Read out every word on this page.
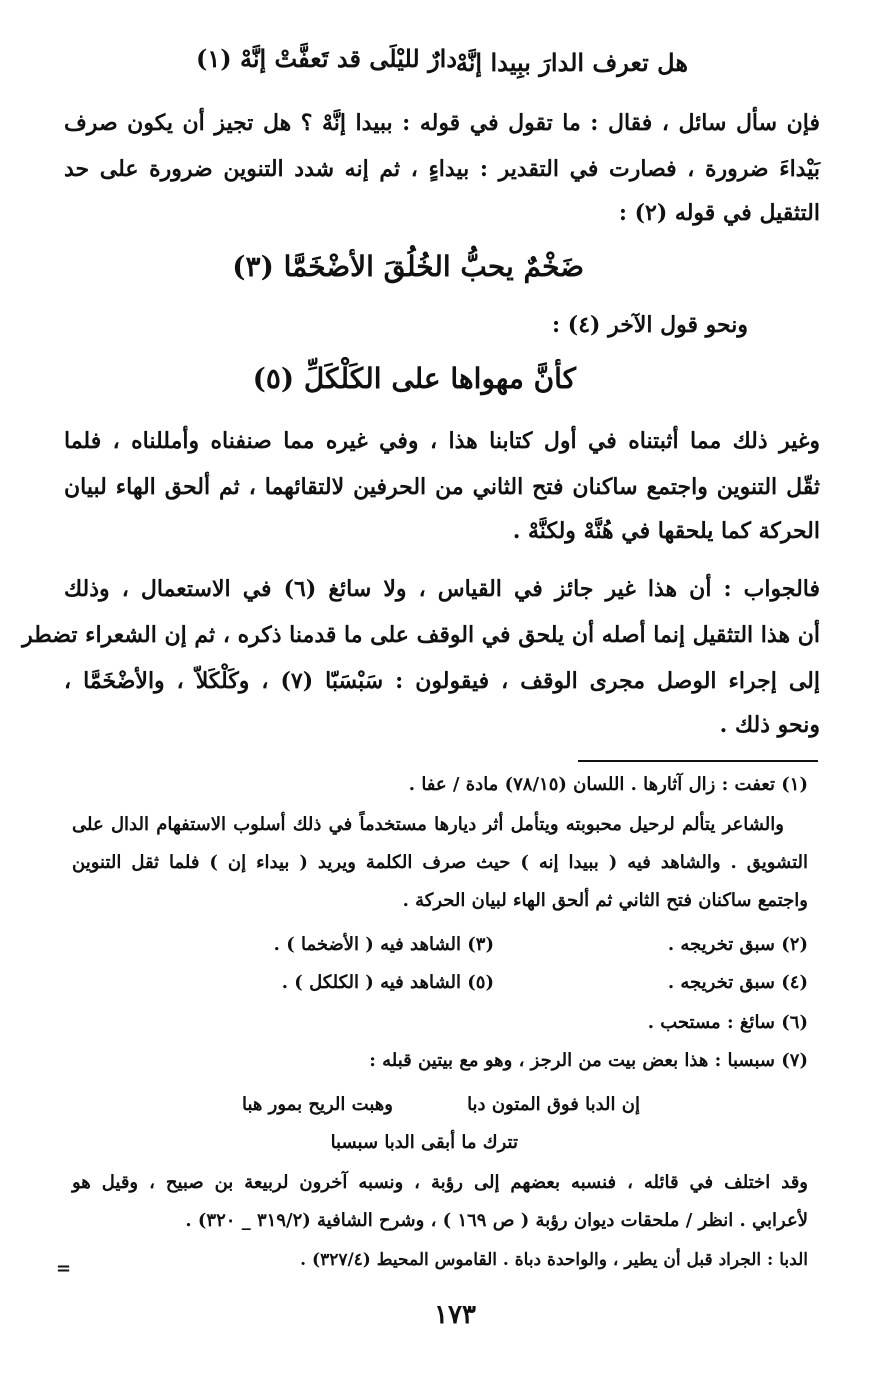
هل تعرف الدارَ ببِيدا إنَّهْ
دارٌ لليْلَى قد تَعفَّتْ إنَّهْ (١)
فإن سأل سائل ، فقال : ما تقول في قوله : ببيدا إنَّهْ ؟ هل تجيز أن يكون صرف
بَيْداءَ ضرورة ، فصارت في التقدير : بيداءٍ ، ثم إنه شدد التنوين ضرورة على حد
التثقيل في قوله (٢) :
ضَخْمٌ يحبُّ الخُلُقَ الأضْخَمَّا (٣)
ونحو قول الآخر (٤) :
كأنَّ مهواها على الكَلْكَلِّ (٥)
وغير ذلك مما أثبتناه في أول كتابنا هذا ، وفي غيره مما صنفناه وأمللناه ، فلما
ثقّل التنوين واجتمع ساكنان فتح الثاني من الحرفين لالتقائهما ، ثم ألحق الهاء لبيان
الحركة كما يلحقها في هُنَّهْ ولكنَّهْ .
فالجواب : أن هذا غير جائز في القياس ، ولا سائغ (٦) في الاستعمال ، وذلك
أن هذا التثقيل إنما أصله أن يلحق في الوقف على ما قدمنا ذكره ، ثم إن الشعراء تضطر
إلى إجراء الوصل مجرى الوقف ، فيقولون : سَبْسَبّا (٧) ، وكَلْكَلاّ ، والأضْخَمَّا ،
ونحو ذلك .
(١) تعفت : زال آثارها . اللسان (٧٨/١٥) مادة / عفا .
والشاعر يتألم لرحيل محبوبته ويتأمل أثر ديارها مستخدماً في ذلك أسلوب الاستفهام الدال على
التشويق . والشاهد فيه ( ببيدا إنه ) حيث صرف الكلمة ويريد ( بيداء إن ) فلما ثقل التنوين
واجتمع ساكنان فتح الثاني ثم ألحق الهاء لبيان الحركة .
(٢) سبق تخريجه .
(٣) الشاهد فيه ( الأضخما ) .
(٤) سبق تخريجه .
(٥) الشاهد فيه ( الكلكل ) .
(٦) سائغ : مستحب .
(٧) سبسبا : هذا بعض بيت من الرجز ، وهو مع بيتين قبله :
إن الدبا فوق المتون دبا
وهبت الريح بمور هبا
تترك ما أبقى الدبا سبسبا
وقد اختلف في قائله ، فنسبه بعضهم إلى رؤبة ، ونسبه آخرون لربيعة بن صبيح ، وقيل هو
لأعرابي . انظر / ملحقات ديوان رؤبة ( ص ١٦٩ ) ، وشرح الشافية (٣١٩/٢ _ ٣٢٠) .
الدبا : الجراد قبل أن يطير ، والواحدة دباة . القاموس المحيط (٣٢٧/٤) .
=
١٧٣
